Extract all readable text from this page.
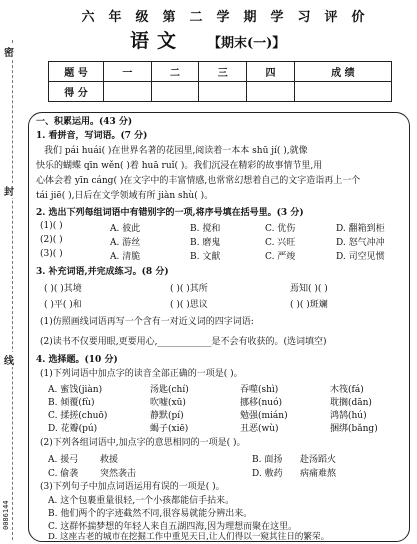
六年级第二学期学习评价
语文 【期末(一)】
密
封
线
0086144
题 号	一	二	三	四	成 绩
得 分					
一、积累运用。(43 分)
1. 看拼音，写词语。(7 分)
我们 pái huái( )在世界名著的花园里,阅读着一本本 shū jí( ),就像
快乐的蝴蝶 qīn wěn( )着 huā ruǐ( )。我们沉浸在精彩的故事情节里,用
心体会着 yīn cáng( )在文字中的丰富情感,也常常幻想着自己的文字造诣再上一个
tái jiē( ),日后在文学领域有所 jiàn shù( )。
2. 选出下列每组词语中有错别字的一项,将序号填在括号里。(3 分)
(1)( )	A. 彼此	B. 搅和	C. 优伤	D. 翻箱到柜
(2)( )	A. 游丝	B. 磨鬼	C. 兴旺	D. 怒气冲冲
(3)( )	A. 清脆	B. 文献	C. 严竣	D. 司空见惯
3. 补充词语,并完成练习。(8 分)
( )( )其境	( )( )其所	焉知( )( )
( )平( )和	( )( )思议	( )( )斑斓
(1)仿照画线词语再写一个含有一对近义词的四字词语:
(2)读书不仅要用眼,更要用心,____________是不会有收获的。(选词填空)
4. 选择题。(10 分)
(1)下列词语中加点字的读音全部正确的一项是( )。
A. 蜜饯(jiàn)	汤匙(chí)	吞噬(shì)	木筏(fá)
B. 倾覆(fù)	吹嘘(xū)	挪移(nuó)	耽搁(dān)
C. 揉搓(chuō)	静默(pí)	勉强(mián)	鸿鹄(hú)
D. 花瓣(pú)	蝎子(xiē)	丑恶(wù)	捆绑(bǎng)
(2)下列各组词语中,加点字的意思相同的一项是( )。
A. 援弓 救援	B. 面扬 赴汤蹈火
C. 偷袭 突然袭击	D. 敷药 病痛难熬
(3)下列句子中加点词语运用有误的一项是( )。
A. 这个包裹重量很轻,一个小孩都能信手拈来。
B. 他们两个的字迹截然不同,很容易就能分辨出来。
C. 这群怀揣梦想的年轻人来自五湖四海,因为理想而聚在这里。
D. 这座古老的城市在挖掘工作中重见天日,让人们得以一窥其往日的繁荣。
